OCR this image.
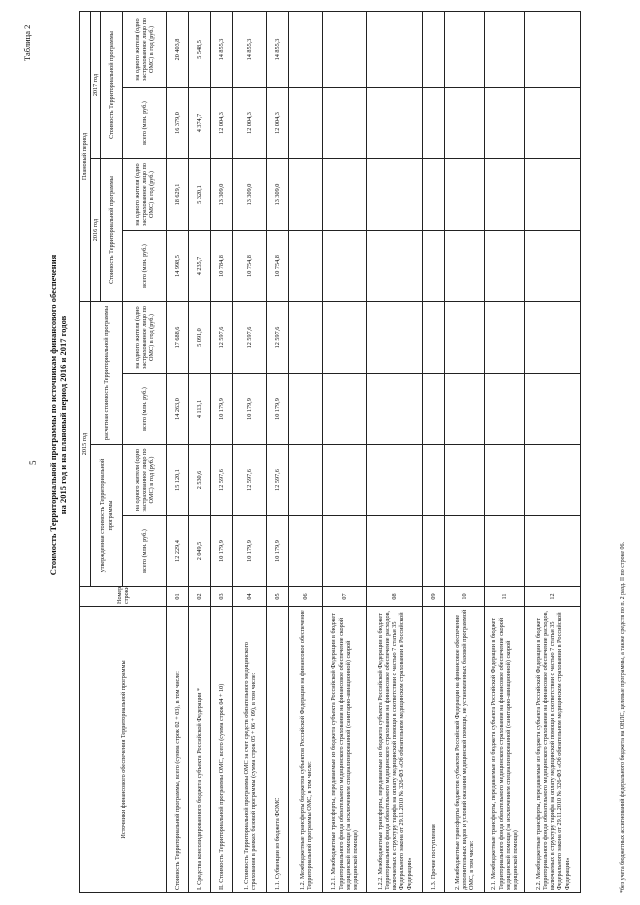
5
Таблица 2
Стоимость Территориальной программы по источникам финансового обеспечения на 2015 год и на плановый период 2016 и 2017 годов
Источники финансового обеспечения Территориальной программы	Номер строки	2015 год				Плановый период			
		утвержденная стоимость Территориальной программы		расчетная стоимость Территориальной программы		2016 год		2017 год	
						Стоимость Территориальной программы		Стоимость Территориальной программы	
		всего (млн. руб.)	на одного жителя (одно застрахованное лицо по ОМС) в год (руб.)	всего (млн. руб.)	на одного жителя (одно застрахованное лицо по ОМС) в год (руб.)	всего (млн. руб.)	на одного жителя (одно застрахованное лицо по ОМС) в год (руб.)	всего (млн. руб.)	на одного жителя (одно застрахованное лицо по ОМС) в год (руб.)
Стоимость Территориальной программы, всего (сумма строк 02 + 03), в том числе:	01	12 229,4	15 120,1	14 263,0	17 688,6	14 998,5	18 629,1	16 379,0	20 403,8
I. Средства консолидированного бюджета субъекта Российской Федерации *	02	2 049,5	2 530,6	4 113,1	5 091,0	4 235,7	5 320,1	4 374,7	5 548,5
II. Стоимость Территориальной программы ОМС, всего (сумма строк 04 + 10)	03	10 179,9	12 597,6	10 179,9	12 597,6	10 784,8	13 309,0	12 004,3	14 855,3
1. Стоимость Территориальной программы ОМС за счет средств обязательного медицинского страхования в рамках базовой программы (сумма строк 05 + 06 + 09), в том числе:	04	10 179,9	12 597,6	10 179,9	12 597,6	10 754,8	13 309,0	12 004,3	14 855,3
1.1. Субвенции из бюджета ФОМС	05	10 179,9	12 597,6	10 179,9	12 597,6	10 754,8	13 309,0	12 004,3	14 855,3
1.2. Межбюджетные трансферты бюджетов субъектов Российской Федерации на финансовое обеспечение Территориальной программы ОМС, в том числе:	06								
1.2.1. Межбюджетные трансферты, передаваемые из бюджета субъекта Российской Федерации в бюджет Территориального фонда обязательного медицинского страхования на финансовое обеспечение скорой медицинской помощи (за исключением специализированной (санитарно-авиационной) скорой медицинской помощи)	07								
1.2.2. Межбюджетные трансферты, передаваемые из бюджета субъекта Российской Федерации в бюджет Территориального фонда обязательного медицинского страхования на финансовое обеспечение расходов, включаемых в структуру тарифа на оплату медицинской помощи в соответствии с частью 7 статьи 35 Федерального закона от 29.11.2010 № 326-ФЗ «Об обязательном медицинском страховании в Российской Федерации»	08								
1.3. Прочие поступления	09								
2. Межбюджетные трансферты бюджетов субъектов Российской Федерации на финансовое обеспечение дополнительных видов и условий оказания медицинской помощи, не установленных базовой программой ОМС, в том числе:	10								
2.1. Межбюджетные трансферты, передаваемые из бюджета субъекта Российской Федерации в бюджет Территориального фонда обязательного медицинского страхования на финансовое обеспечение скорой медицинской помощи (за исключением специализированной (санитарно-авиационной) скорой медицинской помощи)	11								
2.2. Межбюджетные трансферты, передаваемые из бюджета субъекта Российской Федерации в бюджет Территориального фонда обязательного медицинского страхования на финансовое обеспечение расходов, включаемых в структуру тарифа на оплату медицинской помощи в соответствии с частью 7 статьи 35 Федерального закона от 29.11.2010 № 326-ФЗ «Об обязательном медицинском страховании в Российской Федерации»	12									*без учета бюджетных ассигнований федерального бюджета на ОНЛС, целевые программы, а также средств по п. 2 разд. II по строке 06.
